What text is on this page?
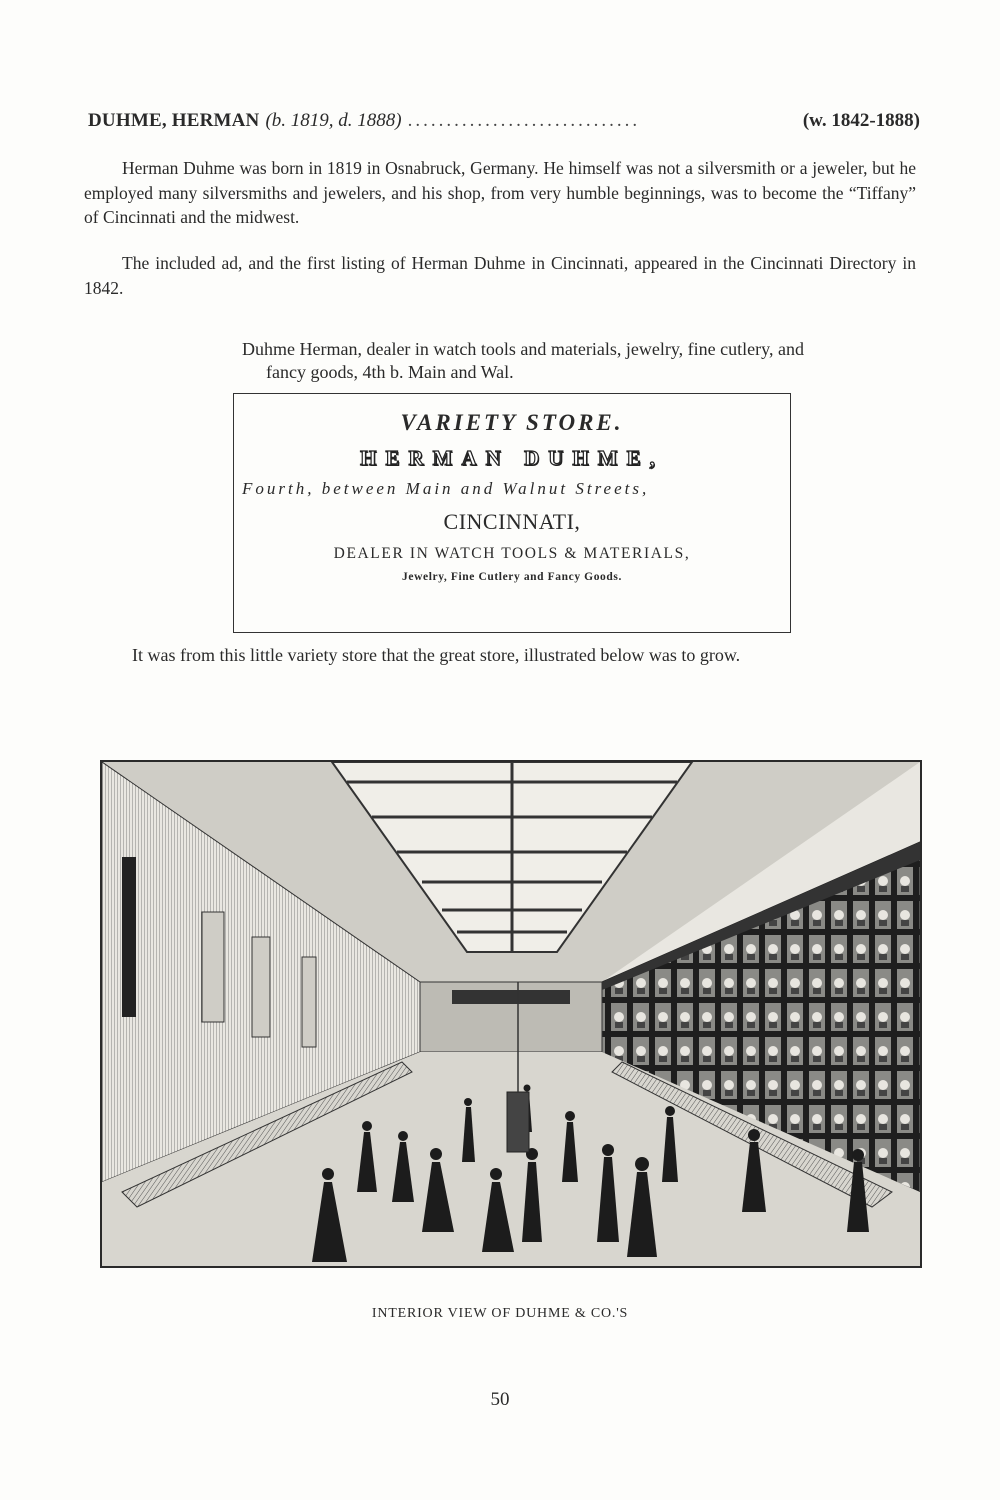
DUHME, HERMAN (b. 1819, d. 1888) ..............................	(w. 1842-1888)

Herman Duhme was born in 1819 in Osnabruck, Germany. He himself was not a silversmith or a jeweler, but he employed many silversmiths and jewelers, and his shop, from very humble beginnings, was to become the “Tiffany” of Cincinnati and the midwest.

The included ad, and the first listing of Herman Duhme in Cincinnati, appeared in the Cincinnati Directory in 1842.

Duhme Herman, dealer in watch tools and materials, jewelry, fine cutlery, and fancy goods, 4th b. Main and Wal.

VARIETY STORE.
HERMAN DUHME,
Fourth, between Main and Walnut Streets,
CINCINNATI,
DEALER IN WATCH TOOLS & MATERIALS,
Jewelry, Fine Cutlery and Fancy Goods.

It was from this little variety store that the great store, illustrated below was to grow.

INTERIOR VIEW OF DUHME & CO.'S

50
